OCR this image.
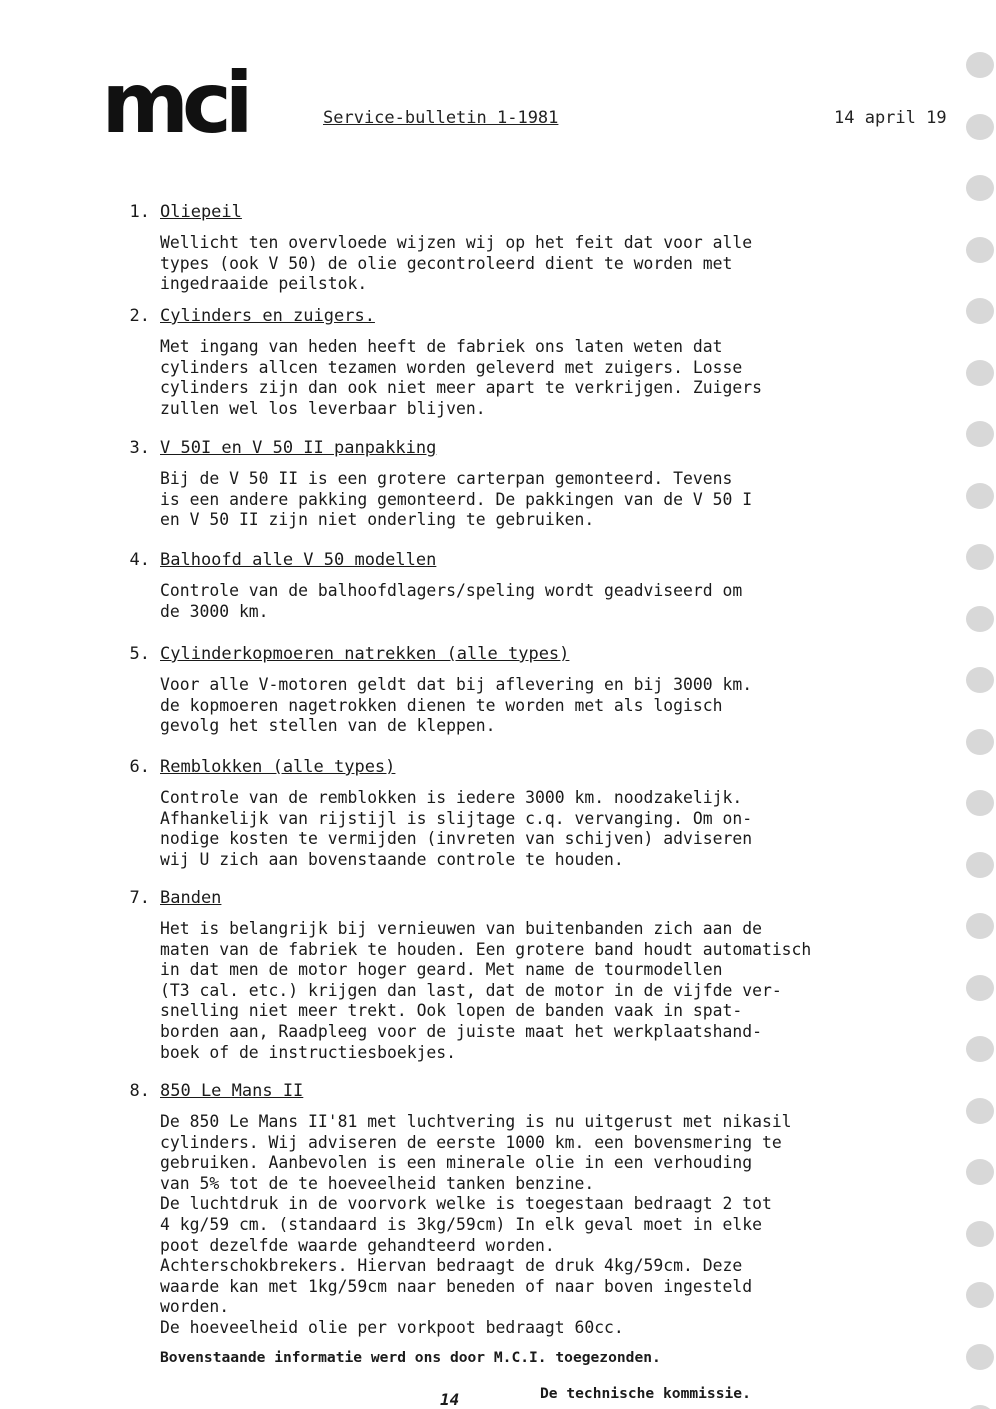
mci	Service-bulletin 1-1981	14 april 19
1. Oliepeil
Wellicht ten overvloede wijzen wij op het feit dat voor alle
types (ook V 50) de olie gecontroleerd dient te worden met
ingedraaide peilstok.
2. Cylinders en zuigers.
Met ingang van heden heeft de fabriek ons laten weten dat
cylinders allcen tezamen worden geleverd met zuigers. Losse
cylinders zijn dan ook niet meer apart te verkrijgen. Zuigers
zullen wel los leverbaar blijven.
3. V 50I en V 50 II panpakking
Bij de V 50 II is een grotere carterpan gemonteerd. Tevens
is een andere pakking gemonteerd. De pakkingen van de V 50 I
en V 50 II zijn niet onderling te gebruiken.
4. Balhoofd alle V 50 modellen
Controle van de balhoofdlagers/speling wordt geadviseerd om
de 3000 km.
5. Cylinderkopmoeren natrekken (alle types)
Voor alle V-motoren geldt dat bij aflevering en bij 3000 km.
de kopmoeren nagetrokken dienen te worden met als logisch
gevolg het stellen van de kleppen.
6. Remblokken (alle types)
Controle van de remblokken is iedere 3000 km. noodzakelijk.
Afhankelijk van rijstijl is slijtage c.q. vervanging. Om on-
nodige kosten te vermijden (invreten van schijven) adviseren
wij U zich aan bovenstaande controle te houden.
7. Banden
Het is belangrijk bij vernieuwen van buitenbanden zich aan de
maten van de fabriek te houden. Een grotere band houdt automatisch
in dat men de motor hoger geard. Met name de tourmodellen
(T3 cal. etc.) krijgen dan last, dat de motor in de vijfde ver-
snelling niet meer trekt. Ook lopen de banden vaak in spat-
borden aan, Raadpleeg voor de juiste maat het werkplaatshand-
boek of de instructiesboekjes.
8. 850 Le Mans II
De 850 Le Mans II'81 met luchtvering is nu uitgerust met nikasil
cylinders. Wij adviseren de eerste 1000 km. een bovensmering te
gebruiken. Aanbevolen is een minerale olie in een verhouding
van 5% tot de te hoeveelheid tanken benzine.
De luchtdruk in de voorvork welke is toegestaan bedraagt 2 tot
4 kg/59 cm. (standaard is 3kg/59cm) In elk geval moet in elke
poot dezelfde waarde gehandteerd worden.
Achterschokbrekers. Hiervan bedraagt de druk 4kg/59cm. Deze
waarde kan met 1kg/59cm naar beneden of naar boven ingesteld
worden.
De hoeveelheid olie per vorkpoot bedraagt 60cc.
Bovenstaande informatie werd ons door M.C.I. toegezonden.
14	De technische kommissie.
